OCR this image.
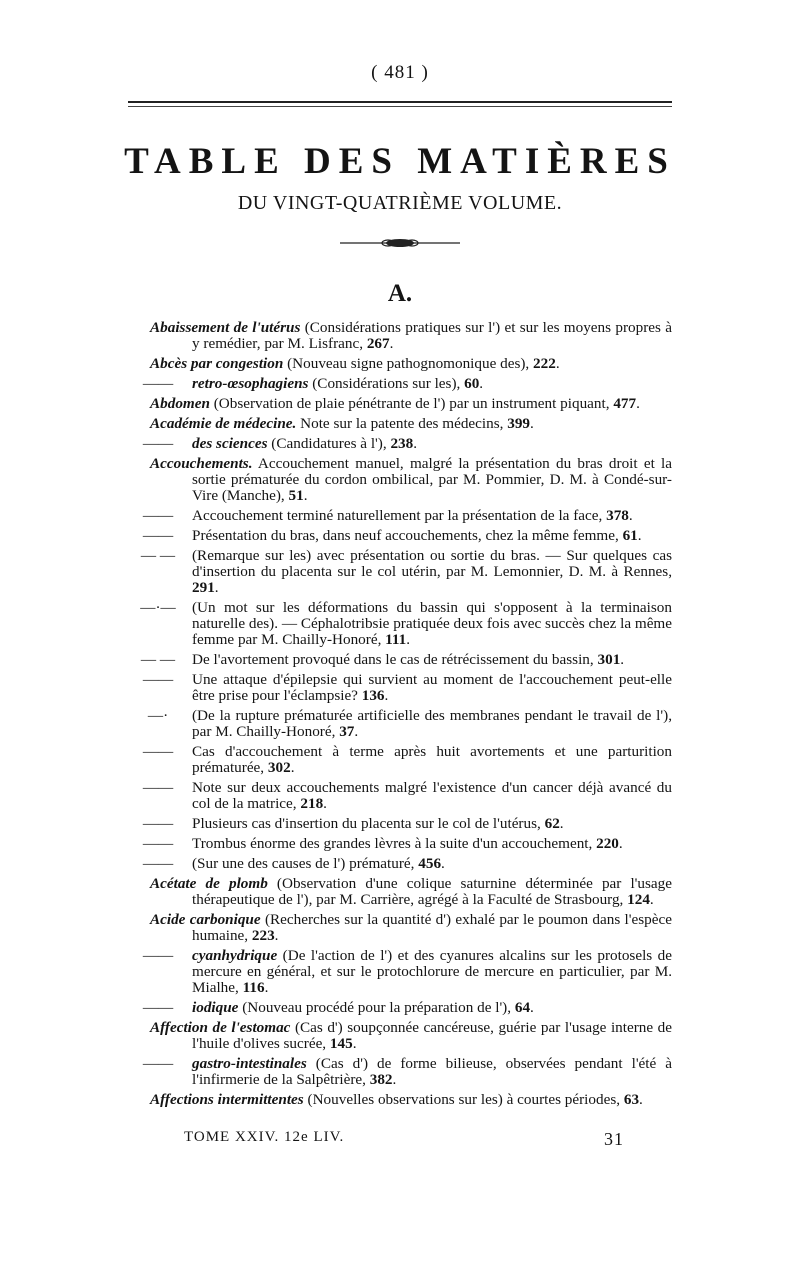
( 481 )
TABLE DES MATIÈRES
DU VINGT-QUATRIÈME VOLUME.
A.
Abaissement de l'utérus (Considérations pratiques sur l') et sur les moyens propres à y remédier, par M. Lisfranc, 267.
Abcès par congestion (Nouveau signe pathognomonique des), 222.
——	retro-œsophagiens (Considérations sur les), 60.
Abdomen (Observation de plaie pénétrante de l') par un instrument piquant, 477.
Académie de médecine. Note sur la patente des médecins, 399.
——	des sciences (Candidatures à l'), 238.
Accouchements. Accouchement manuel, malgré la présentation du bras droit et la sortie prématurée du cordon ombilical, par M. Pommier, D. M. à Condé-sur-Vire (Manche), 51.
——	Accouchement terminé naturellement par la présentation de la face, 378.
——	Présentation du bras, dans neuf accouchements, chez la même femme, 61.
— —	(Remarque sur les) avec présentation ou sortie du bras. — Sur quelques cas d'insertion du placenta sur le col utérin, par M. Lemonnier, D. M. à Rennes, 291.
—·— (Un mot sur les déformations du bassin qui s'opposent à la terminaison naturelle des). — Céphalotribsie pratiquée deux fois avec succès chez la même femme par M. Chailly-Honoré, 111.
— —	De l'avortement provoqué dans le cas de rétrécissement du bassin, 301.
——	Une attaque d'épilepsie qui survient au moment de l'accouchement peut-elle être prise pour l'éclampsie? 136.
—·	(De la rupture prématurée artificielle des membranes pendant le travail de l'), par M. Chailly-Honoré, 37.
——	Cas d'accouchement à terme après huit avortements et une parturition prématurée, 302.
——	Note sur deux accouchements malgré l'existence d'un cancer déjà avancé du col de la matrice, 218.
——	Plusieurs cas d'insertion du placenta sur le col de l'utérus, 62.
——	Trombus énorme des grandes lèvres à la suite d'un accouchement, 220.
——	(Sur une des causes de l') prématuré, 456.
Acétate de plomb (Observation d'une colique saturnine déterminée par l'usage thérapeutique de l'), par M. Carrière, agrégé à la Faculté de Strasbourg, 124.
Acide carbonique (Recherches sur la quantité d') exhalé par le poumon dans l'espèce humaine, 223.
——	cyanhydrique (De l'action de l') et des cyanures alcalins sur les protosels de mercure en général, et sur le protochlorure de mercure en particulier, par M. Mialhe, 116.
——	iodique (Nouveau procédé pour la préparation de l'), 64.
Affection de l'estomac (Cas d') soupçonnée cancéreuse, guérie par l'usage interne de l'huile d'olives sucrée, 145.
——	gastro-intestinales (Cas d') de forme bilieuse, observées pendant l'été à l'infirmerie de la Salpêtrière, 382.
Affections intermittentes (Nouvelles observations sur les) à courtes périodes, 63.
TOME XXIV. 12e LIV.	31
